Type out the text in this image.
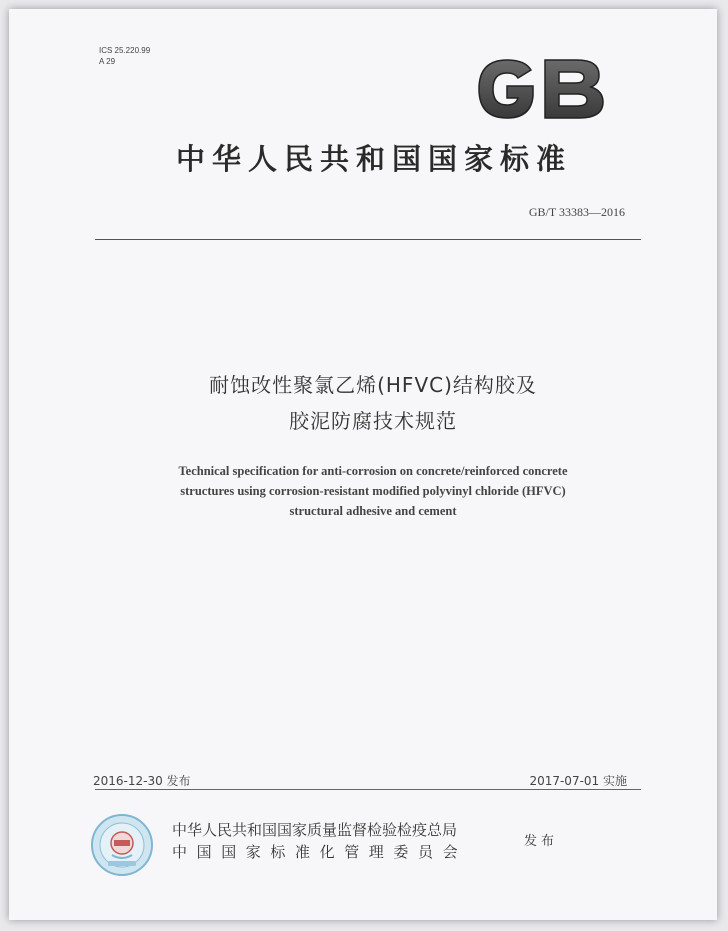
ICS 25.220.99
A 29
中华人民共和国国家标准
GB/T 33383—2016
耐蚀改性聚氯乙烯(HFVC)结构胶及
胶泥防腐技术规范
Technical specification for anti-corrosion on concrete/reinforced concrete
structures using corrosion-resistant modified polyvinyl chloride (HFVC)
structural adhesive and cement
2016-12-30 发布	2017-07-01 实施
中华人民共和国国家质量监督检验检疫总局
中国国家标准化管理委员会
发布
